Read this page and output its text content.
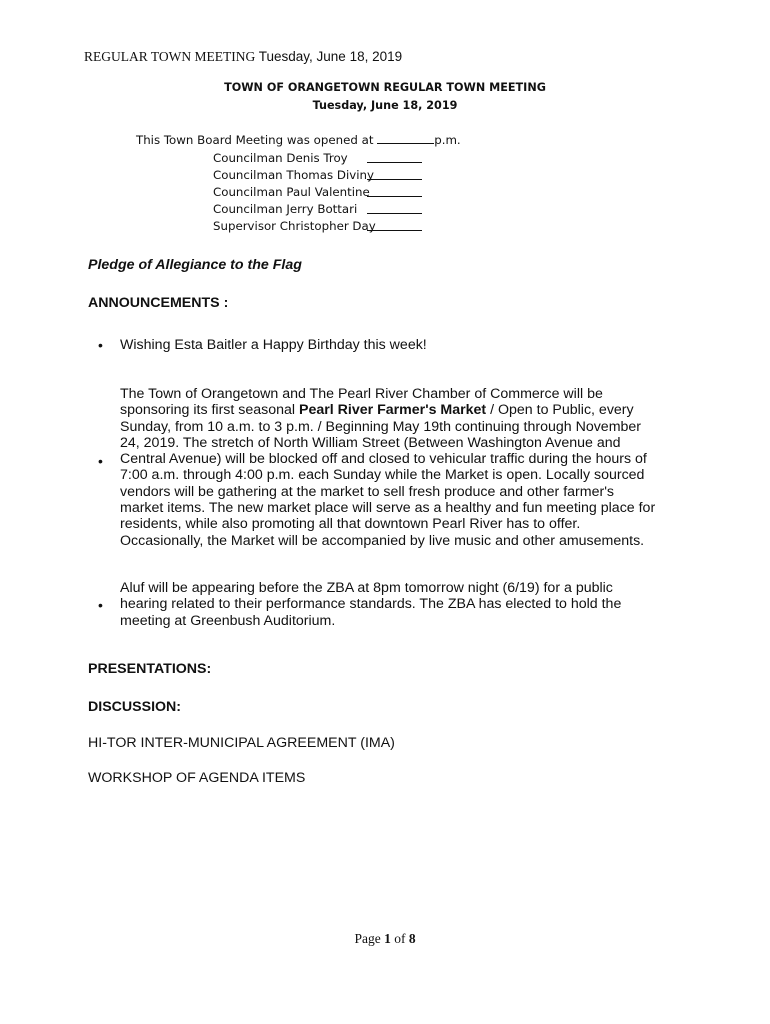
REGULAR TOWN MEETING Tuesday, June 18, 2019
TOWN OF ORANGETOWN REGULAR TOWN MEETING
Tuesday, June 18, 2019
This Town Board Meeting was opened at	p.m.
Councilman Denis Troy
Councilman Thomas Diviny
Councilman Paul Valentine
Councilman Jerry Bottari
Supervisor Christopher Day
Pledge of Allegiance to the Flag
ANNOUNCEMENTS :
• Wishing Esta Baitler a Happy Birthday this week!
•
The Town of Orangetown and The Pearl River Chamber of Commerce will be sponsoring its first seasonal Pearl River Farmer's Market / Open to Public, every Sunday, from 10 a.m. to 3 p.m. / Beginning May 19th continuing through November 24, 2019. The stretch of North William Street (Between Washington Avenue and Central Avenue) will be blocked off and closed to vehicular traffic during the hours of 7:00 a.m. through 4:00 p.m. each Sunday while the Market is open. Locally sourced vendors will be gathering at the market to sell fresh produce and other farmer's market items. The new market place will serve as a healthy and fun meeting place for residents, while also promoting all that downtown Pearl River has to offer. Occasionally, the Market will be accompanied by live music and other amusements.
•
Aluf will be appearing before the ZBA at 8pm tomorrow night (6/19) for a public hearing related to their performance standards. The ZBA has elected to hold the meeting at Greenbush Auditorium.
PRESENTATIONS:
DISCUSSION:
HI-TOR INTER-MUNICIPAL AGREEMENT (IMA)
WORKSHOP OF AGENDA ITEMS
Page 1 of 8
